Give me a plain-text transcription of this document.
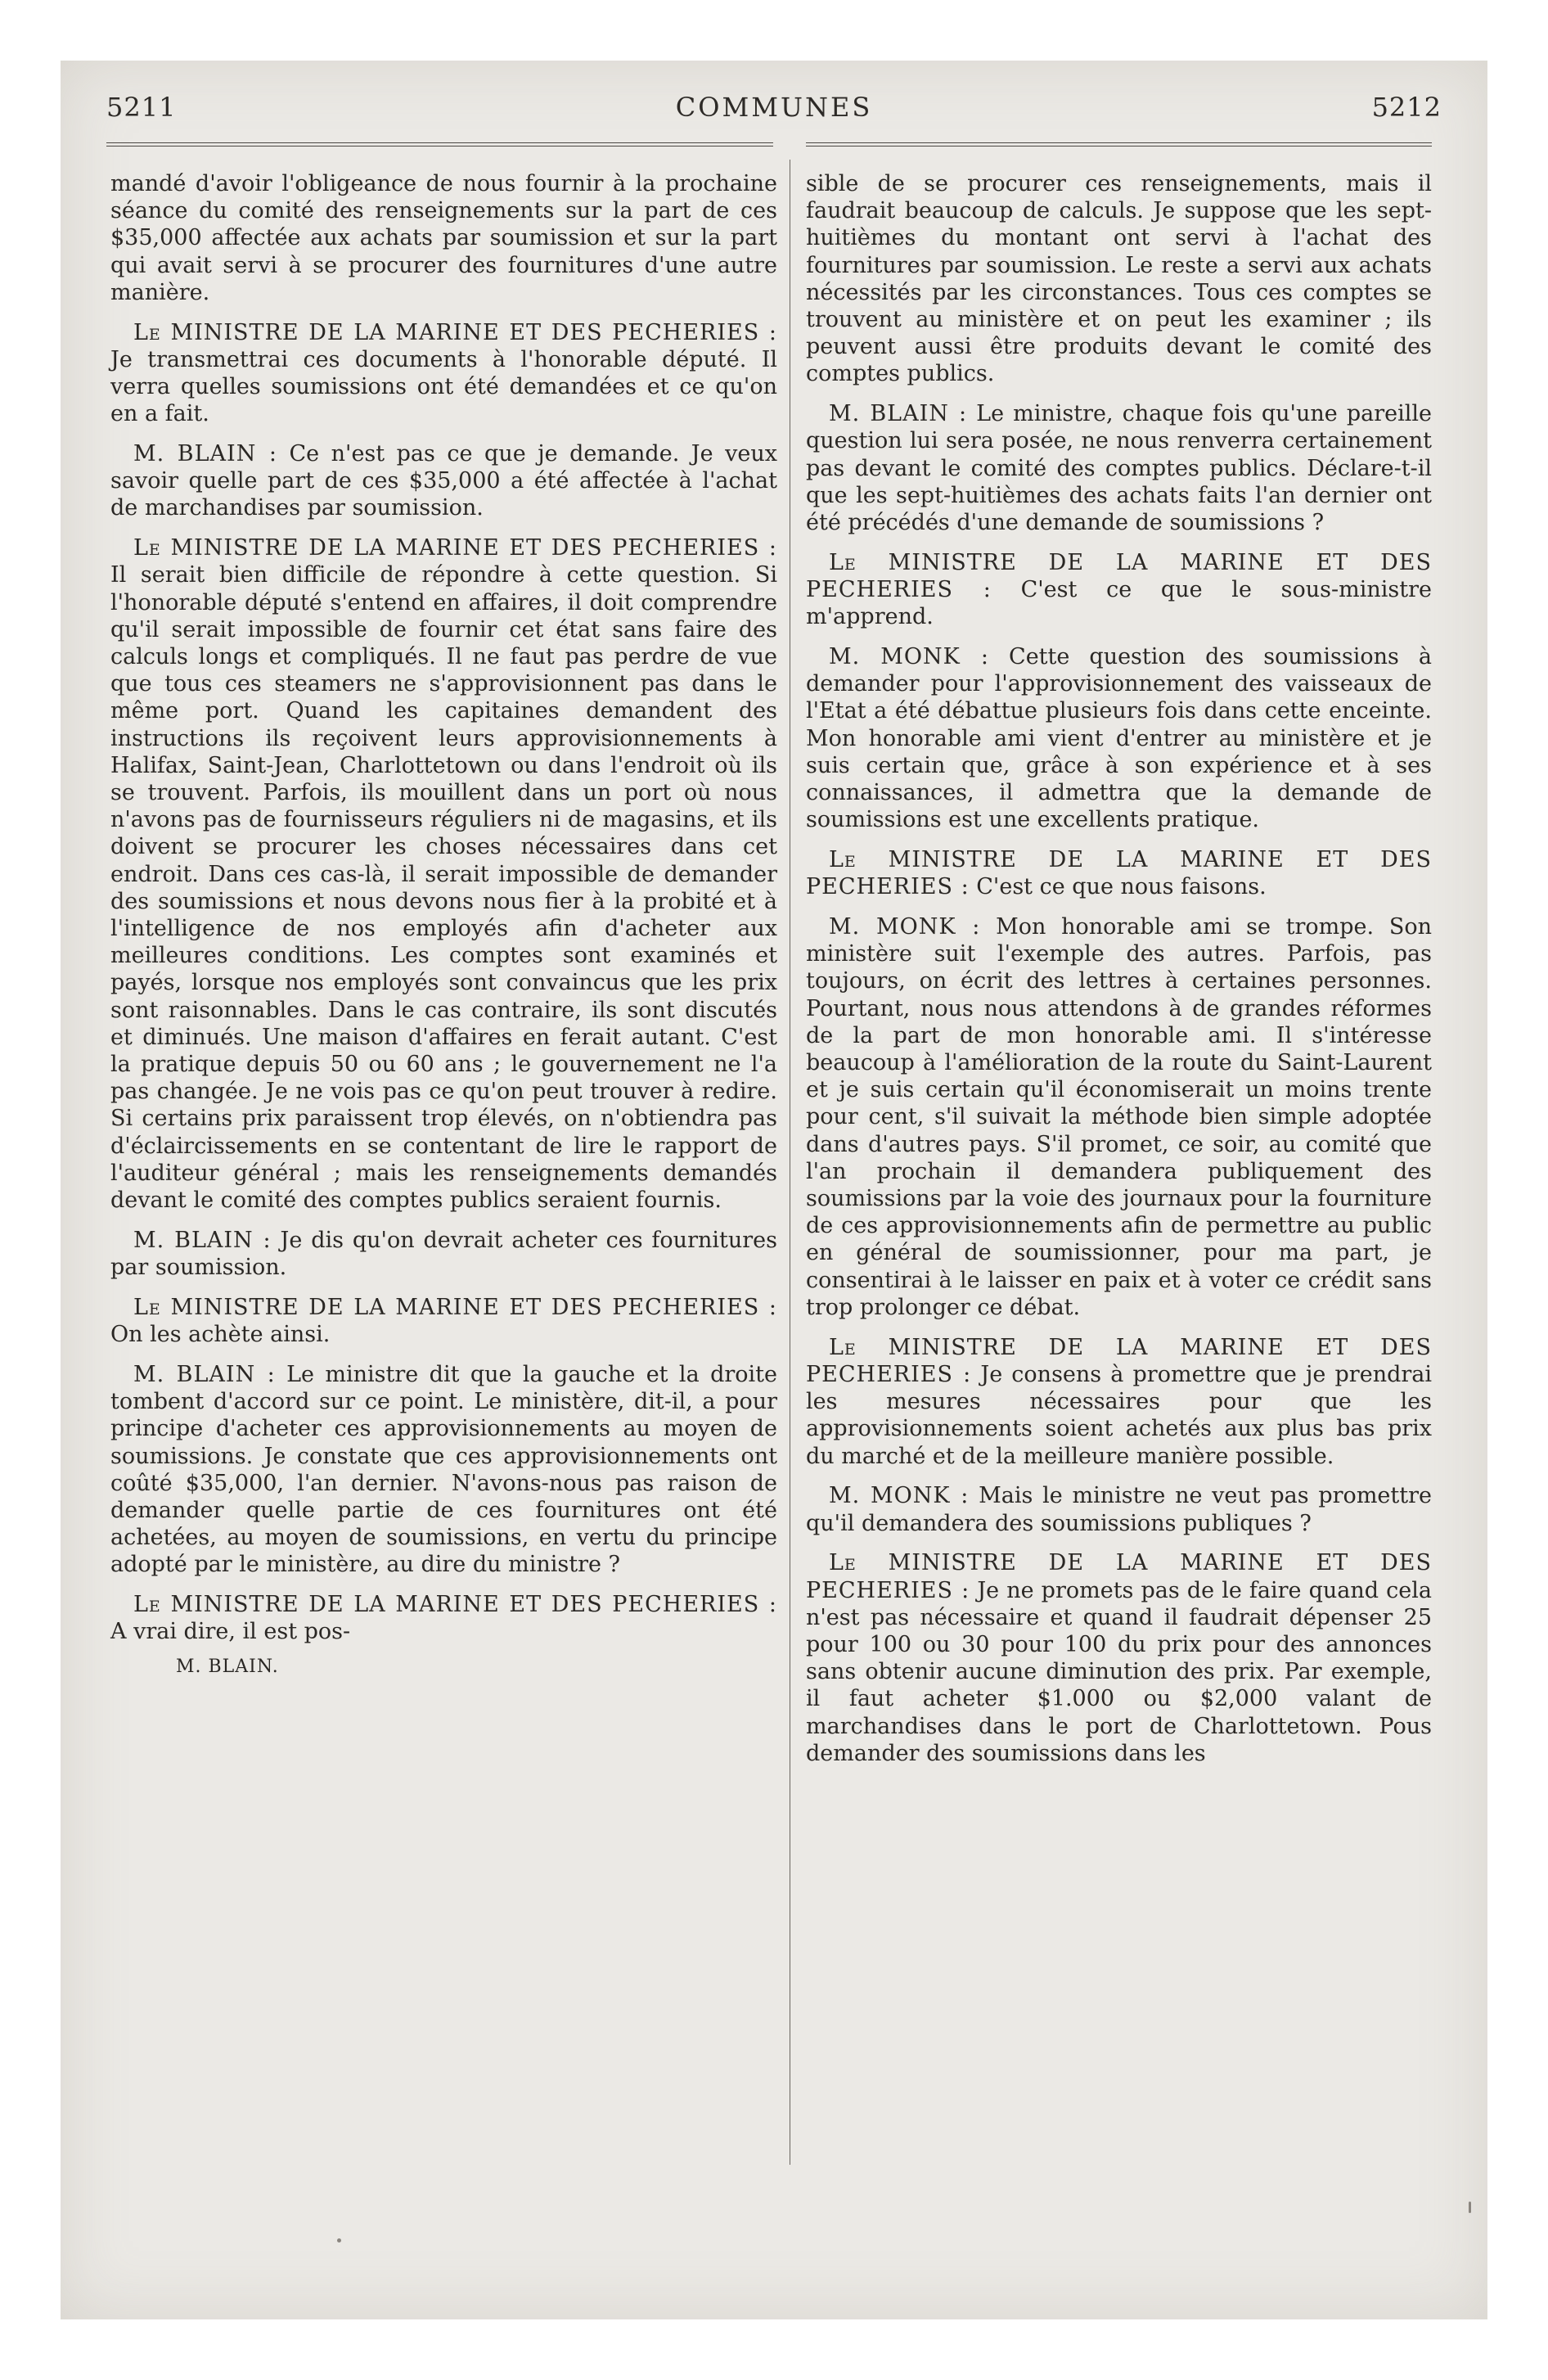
5211	COMMUNES	5212

mandé d'avoir l'obligeance de nous fournir à la prochaine séance du comité des renseignements sur la part de ces $35,000 affectée aux achats par soumission et sur la part qui avait servi à se procurer des fournitures d'une autre manière.

Le MINISTRE DE LA MARINE ET DES PECHERIES : Je transmettrai ces documents à l'honorable député. Il verra quelles soumissions ont été demandées et ce qu'on en a fait.

M. BLAIN : Ce n'est pas ce que je demande. Je veux savoir quelle part de ces $35,000 a été affectée à l'achat de marchandises par soumission.

Le MINISTRE DE LA MARINE ET DES PECHERIES : Il serait bien difficile de répondre à cette question. Si l'honorable député s'entend en affaires, il doit comprendre qu'il serait impossible de fournir cet état sans faire des calculs longs et compliqués. Il ne faut pas perdre de vue que tous ces steamers ne s'approvisionnent pas dans le même port. Quand les capitaines demandent des instructions ils reçoivent leurs approvisionnements à Halifax, Saint-Jean, Charlottetown ou dans l'endroit où ils se trouvent. Parfois, ils mouillent dans un port où nous n'avons pas de fournisseurs réguliers ni de magasins, et ils doivent se procurer les choses nécessaires dans cet endroit. Dans ces cas-là, il serait impossible de demander des soumissions et nous devons nous fier à la probité et à l'intelligence de nos employés afin d'acheter aux meilleures conditions. Les comptes sont examinés et payés, lorsque nos employés sont convaincus que les prix sont raisonnables. Dans le cas contraire, ils sont discutés et diminués. Une maison d'affaires en ferait autant. C'est la pratique depuis 50 ou 60 ans ; le gouvernement ne l'a pas changée. Je ne vois pas ce qu'on peut trouver à redire. Si certains prix paraissent trop élevés, on n'obtiendra pas d'éclaircissements en se contentant de lire le rapport de l'auditeur général ; mais les renseignements demandés devant le comité des comptes publics seraient fournis.

M. BLAIN : Je dis qu'on devrait acheter ces fournitures par soumission.

Le MINISTRE DE LA MARINE ET DES PECHERIES : On les achète ainsi.

M. BLAIN : Le ministre dit que la gauche et la droite tombent d'accord sur ce point. Le ministère, dit-il, a pour principe d'acheter ces approvisionnements au moyen de soumissions. Je constate que ces approvisionnements ont coûté $35,000, l'an dernier. N'avons-nous pas raison de demander quelle partie de ces fournitures ont été achetées, au moyen de soumissions, en vertu du principe adopté par le ministère, au dire du ministre ?

Le MINISTRE DE LA MARINE ET DES PECHERIES : A vrai dire, il est pos-

M. BLAIN.

sible de se procurer ces renseignements, mais il faudrait beaucoup de calculs. Je suppose que les sept-huitièmes du montant ont servi à l'achat des fournitures par soumission. Le reste a servi aux achats nécessités par les circonstances. Tous ces comptes se trouvent au ministère et on peut les examiner ; ils peuvent aussi être produits devant le comité des comptes publics.

M. BLAIN : Le ministre, chaque fois qu'une pareille question lui sera posée, ne nous renverra certainement pas devant le comité des comptes publics. Déclare-t-il que les sept-huitièmes des achats faits l'an dernier ont été précédés d'une demande de soumissions ?

Le MINISTRE DE LA MARINE ET DES PECHERIES : C'est ce que le sous-ministre m'apprend.

M. MONK : Cette question des soumissions à demander pour l'approvisionnement des vaisseaux de l'Etat a été débattue plusieurs fois dans cette enceinte. Mon honorable ami vient d'entrer au ministère et je suis certain que, grâce à son expérience et à ses connaissances, il admettra que la demande de soumissions est une excellents pratique.

Le MINISTRE DE LA MARINE ET DES PECHERIES : C'est ce que nous faisons.

M. MONK : Mon honorable ami se trompe. Son ministère suit l'exemple des autres. Parfois, pas toujours, on écrit des lettres à certaines personnes. Pourtant, nous nous attendons à de grandes réformes de la part de mon honorable ami. Il s'intéresse beaucoup à l'amélioration de la route du Saint-Laurent et je suis certain qu'il économiserait un moins trente pour cent, s'il suivait la méthode bien simple adoptée dans d'autres pays. S'il promet, ce soir, au comité que l'an prochain il demandera publiquement des soumissions par la voie des journaux pour la fourniture de ces approvisionnements afin de permettre au public en général de soumissionner, pour ma part, je consentirai à le laisser en paix et à voter ce crédit sans trop prolonger ce débat.

Le MINISTRE DE LA MARINE ET DES PECHERIES : Je consens à promettre que je prendrai les mesures nécessaires pour que les approvisionnements soient achetés aux plus bas prix du marché et de la meilleure manière possible.

M. MONK : Mais le ministre ne veut pas promettre qu'il demandera des soumissions publiques ?

Le MINISTRE DE LA MARINE ET DES PECHERIES : Je ne promets pas de le faire quand cela n'est pas nécessaire et quand il faudrait dépenser 25 pour 100 ou 30 pour 100 du prix pour des annonces sans obtenir aucune diminution des prix. Par exemple, il faut acheter $1.000 ou $2,000 valant de marchandises dans le port de Charlottetown. Pous demander des soumissions dans les
